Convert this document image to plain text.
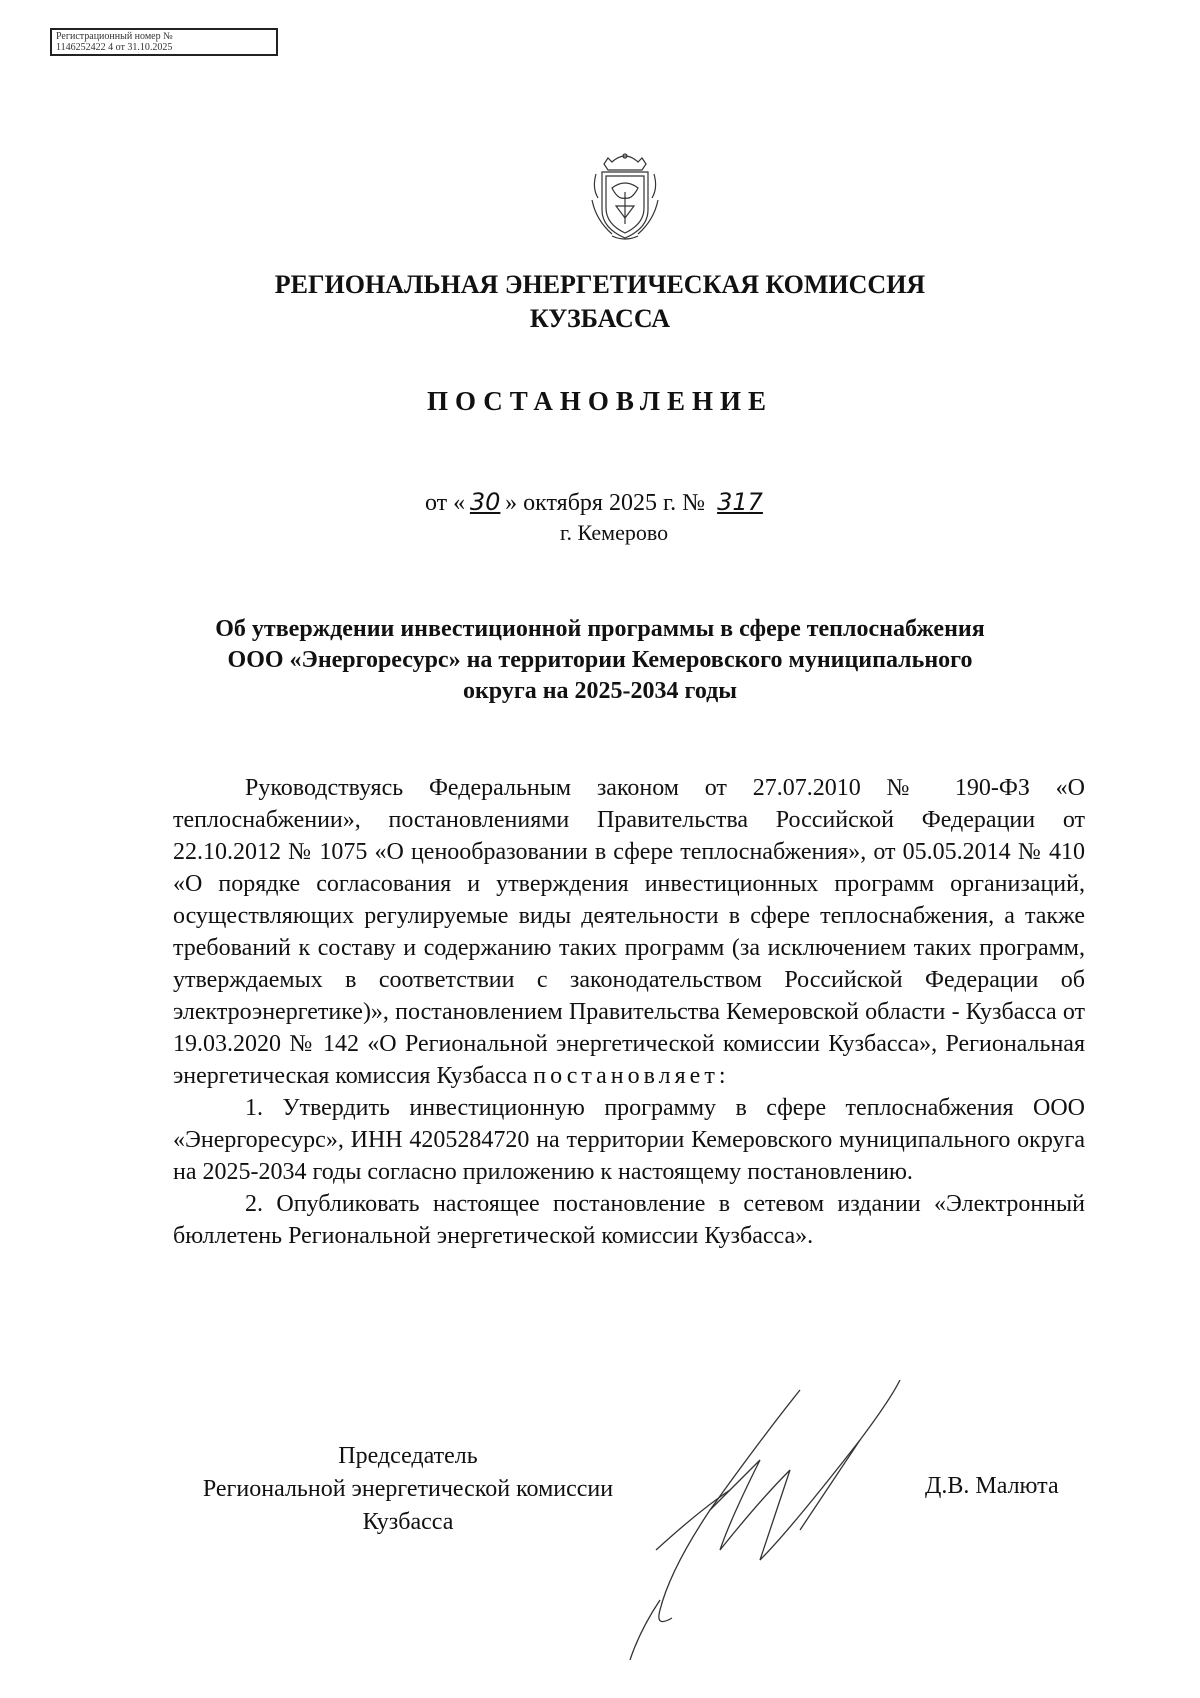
Регистрационный номер №
1146252422 4 от 31.10.2025
РЕГИОНАЛЬНАЯ ЭНЕРГЕТИЧЕСКАЯ КОМИССИЯ
КУЗБАССА
ПОСТАНОВЛЕНИЕ
от « 30 » октября 2025 г. № 317
г. Кемерово
Об утверждении инвестиционной программы в сфере теплоснабжения
ООО «Энергоресурс» на территории Кемеровского муниципального
округа на 2025-2034 годы

Руководствуясь Федеральным законом от 27.07.2010 № 190-ФЗ «О теплоснабжении», постановлениями Правительства Российской Федерации от 22.10.2012 № 1075 «О ценообразовании в сфере теплоснабжения», от 05.05.2014 № 410 «О порядке согласования и утверждения инвестиционных программ организаций, осуществляющих регулируемые виды деятельности в сфере теплоснабжения, а также требований к составу и содержанию таких программ (за исключением таких программ, утверждаемых в соответствии с законодательством Российской Федерации об электроэнергетике)», постановлением Правительства Кемеровской области - Кузбасса от 19.03.2020 № 142 «О Региональной энергетической комиссии Кузбасса», Региональная энергетическая комиссия Кузбасса постановляет:

1. Утвердить инвестиционную программу в сфере теплоснабжения ООО «Энергоресурс», ИНН 4205284720 на территории Кемеровского муниципального округа на 2025-2034 годы согласно приложению к настоящему постановлению.

2. Опубликовать настоящее постановление в сетевом издании «Электронный бюллетень Региональной энергетической комиссии Кузбасса».

Председатель
Региональной энергетической комиссии
Кузбасса
Д.В. Малюта
